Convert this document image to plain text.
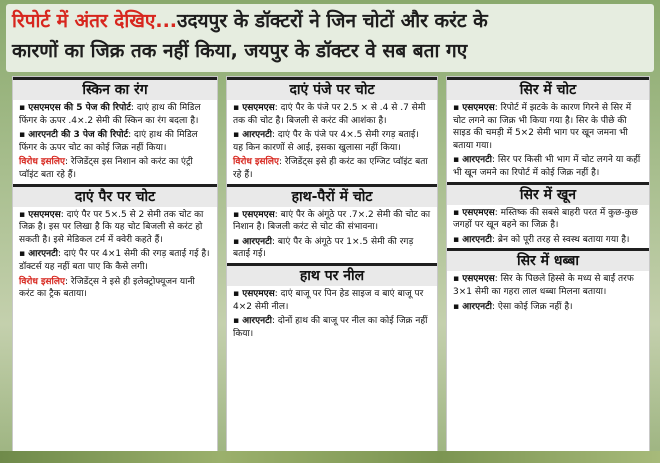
रिपोर्ट में अंतर देखिए...उदयपुर के डॉक्टरों ने जिन चोटों और करंट के
कारणों का जिक्र तक नहीं किया, जयपुर के डॉक्टर वे सब बता गए
स्किन का रंग

▪ एसएमएस की 5 पेज की रिपोर्ट: दाएं हाथ की मिडिल फिंगर के ऊपर .4×.2 सेमी की स्किन का रंग बदला है।

▪ आरएनटी की 3 पेज की रिपोर्ट: दाएं हाथ की मिडिल फिंगर के ऊपर चोट का कोई जिक्र नहीं किया।

विरोध इसलिए: रेजिडेंट्स इस निशान को करंट का एंट्री प्वॉइंट बता रहे हैं।

दाएं पैर पर चोट

▪ एसएमएस: दाएं पैर पर 5×.5 से 2 सेमी तक चोट का जिक्र है। इस पर लिखा है कि यह चोट बिजली से करंट हो सकती है। इसे मेडिकल टर्म में क्वेरी कहते हैं।

▪ आरएनटी: दाएं पैर पर 4×1 सेमी की रगड़ बताई गई है। डॉक्टर्स यह नहीं बता पाए कि कैसे लगी।

विरोध इसलिए: रेजिडेंट्स ने इसे ही इलेक्ट्रोफ्यूजन यानी करंट का ट्रैक बताया।

दाएं पंजे पर चोट

▪ एसएमएस: दाएं पैर के पंजे पर 2.5 × से .4 से .7 सेमी तक की चोट है। बिजली से करंट की आशंका है।

▪ आरएनटी: दाएं पैर के पंजे पर 4×.5 सेमी रगड़ बताई। यह किन कारणों से आई, इसका खुलासा नहीं किया।

विरोध इसलिए: रेजिडेंट्स इसे ही करंट का एग्जिट प्वॉइंट बता रहे हैं।

हाथ-पैरों में चोट

▪ एसएमएस: बाएं पैर के अंगूठे पर .7×.2 सेमी की चोट का निशान है। बिजली करंट से चोट की संभावना।

▪ आरएनटी: बाएं पैर के अंगूठे पर 1×.5 सेमी की रगड़ बताई गई।

हाथ पर नील

▪ एसएमएस: दाएं बाजू पर पिन हेड साइज व बाएं बाजू पर 4×2 सेमी नील।

▪ आरएनटी: दोनों हाथ की बाजू पर नील का कोई जिक्र नहीं किया।

सिर में चोट

▪ एसएमएस: रिपोर्ट में झटके के कारण गिरने से सिर में चोट लगने का जिक्र भी किया गया है। सिर के पीछे की साइड की चमड़ी में 5×2 सेमी भाग पर खून जमना भी बताया गया।

▪ आरएनटी: सिर पर किसी भी भाग में चोट लगने या कहीं भी खून जमने का रिपोर्ट में कोई जिक्र नहीं है।

सिर में खून

▪ एसएमएस: मस्तिष्क की सबसे बाहरी परत में कुछ-कुछ जगहों पर खून बहने का जिक्र है।

▪ आरएनटी: ब्रेन को पूरी तरह से स्वस्थ बताया गया है।

सिर में धब्बा

▪ एसएमएस: सिर के पिछले हिस्से के मध्य से बाईं तरफ 3×1 सेमी का गहरा लाल धब्बा मिलना बताया।

▪ आरएनटी: ऐसा कोई जिक्र नहीं है।
